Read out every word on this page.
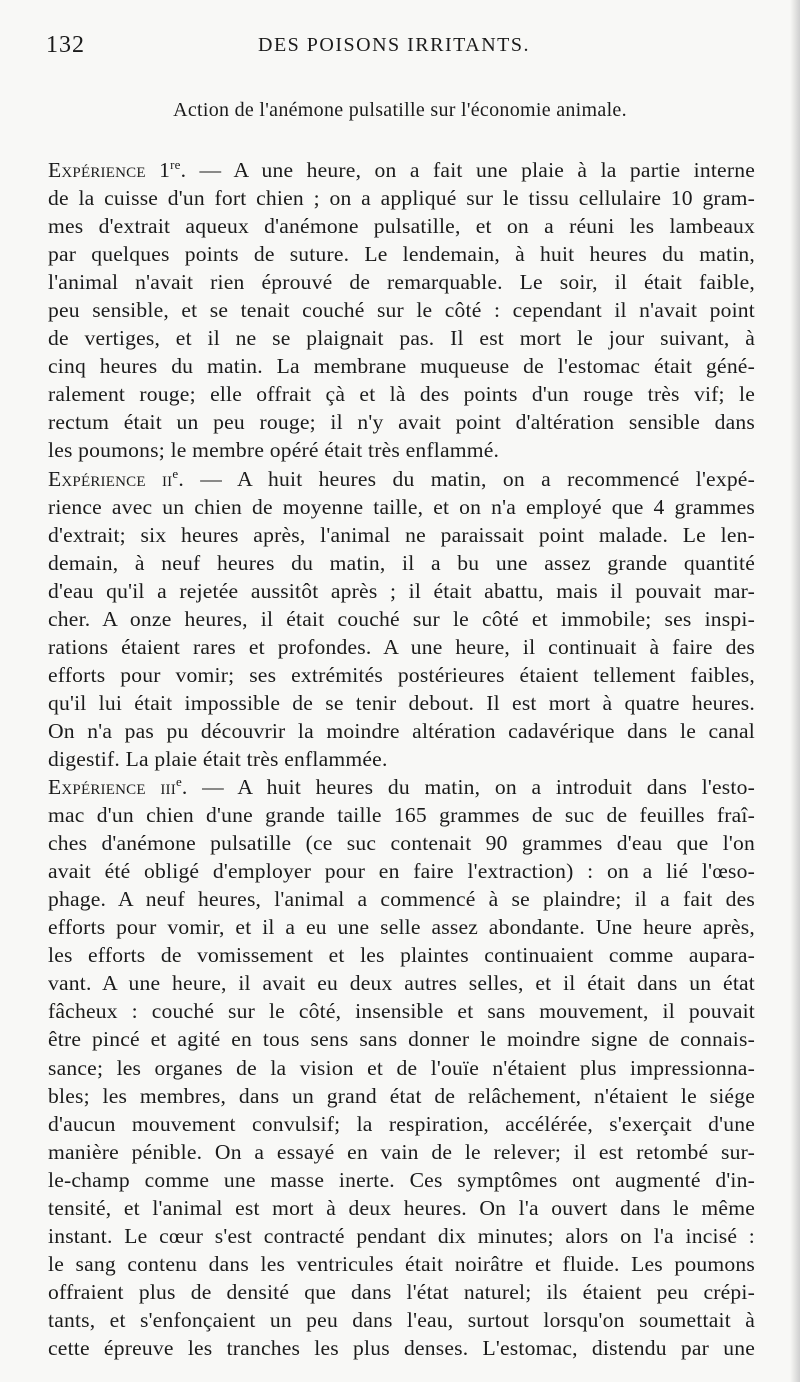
132	DES POISONS IRRITANTS.
Action de l'anémone pulsatille sur l'économie animale.
Expérience 1re. — A une heure, on a fait une plaie à la partie interne
de la cuisse d'un fort chien ; on a appliqué sur le tissu cellulaire 10 gram-
mes d'extrait aqueux d'anémone pulsatille, et on a réuni les lambeaux
par quelques points de suture. Le lendemain, à huit heures du matin,
l'animal n'avait rien éprouvé de remarquable. Le soir, il était faible,
peu sensible, et se tenait couché sur le côté : cependant il n'avait point
de vertiges, et il ne se plaignait pas. Il est mort le jour suivant, à
cinq heures du matin. La membrane muqueuse de l'estomac était géné-
ralement rouge; elle offrait çà et là des points d'un rouge très vif; le
rectum était un peu rouge; il n'y avait point d'altération sensible dans
les poumons; le membre opéré était très enflammé.
Expérience $ii^e$. — A huit heures du matin, on a recommencé l'expé-
rience avec un chien de moyenne taille, et on n'a employé que 4 grammes
d'extrait; six heures après, l'animal ne paraissait point malade. Le len-
demain, à neuf heures du matin, il a bu une assez grande quantité
d'eau qu'il a rejetée aussitôt après ; il était abattu, mais il pouvait mar-
cher. A onze heures, il était couché sur le côté et immobile; ses inspi-
rations étaient rares et profondes. A une heure, il continuait à faire des
efforts pour vomir; ses extrémités postérieures étaient tellement faibles,
qu'il lui était impossible de se tenir debout. Il est mort à quatre heures.
On n'a pas pu découvrir la moindre altération cadavérique dans le canal
digestif. La plaie était très enflammée.
Expérience iii$^e$. — A huit heures du matin, on a introduit dans l'esto-
mac d'un chien d'une grande taille 165 grammes de suc de feuilles fraî-
ches d'anémone pulsatille (ce suc contenait 90 grammes d'eau que l'on
avait été obligé d'employer pour en faire l'extraction) : on a lié l'œso-
phage. A neuf heures, l'animal a commencé à se plaindre; il a fait des
efforts pour vomir, et il a eu une selle assez abondante. Une heure après,
les efforts de vomissement et les plaintes continuaient comme aupara-
vant. A une heure, il avait eu deux autres selles, et il était dans un état
fâcheux : couché sur le côté, insensible et sans mouvement, il pouvait
être pincé et agité en tous sens sans donner le moindre signe de connais-
sance; les organes de la vision et de l'ouïe n'étaient plus impressionna-
bles; les membres, dans un grand état de relâchement, n'étaient le siége
d'aucun mouvement convulsif; la respiration, accélérée, s'exerçait d'une
manière pénible. On a essayé en vain de le relever; il est retombé sur-
le-champ comme une masse inerte. Ces symptômes ont augmenté d'in-
tensité, et l'animal est mort à deux heures. On l'a ouvert dans le même
instant. Le cœur s'est contracté pendant dix minutes; alors on l'a incisé :
le sang contenu dans les ventricules était noirâtre et fluide. Les poumons
offraient plus de densité que dans l'état naturel; ils étaient peu crépi-
tants, et s'enfonçaient un peu dans l'eau, surtout lorsqu'on soumettait à
cette épreuve les tranches les plus denses. L'estomac, distendu par une
